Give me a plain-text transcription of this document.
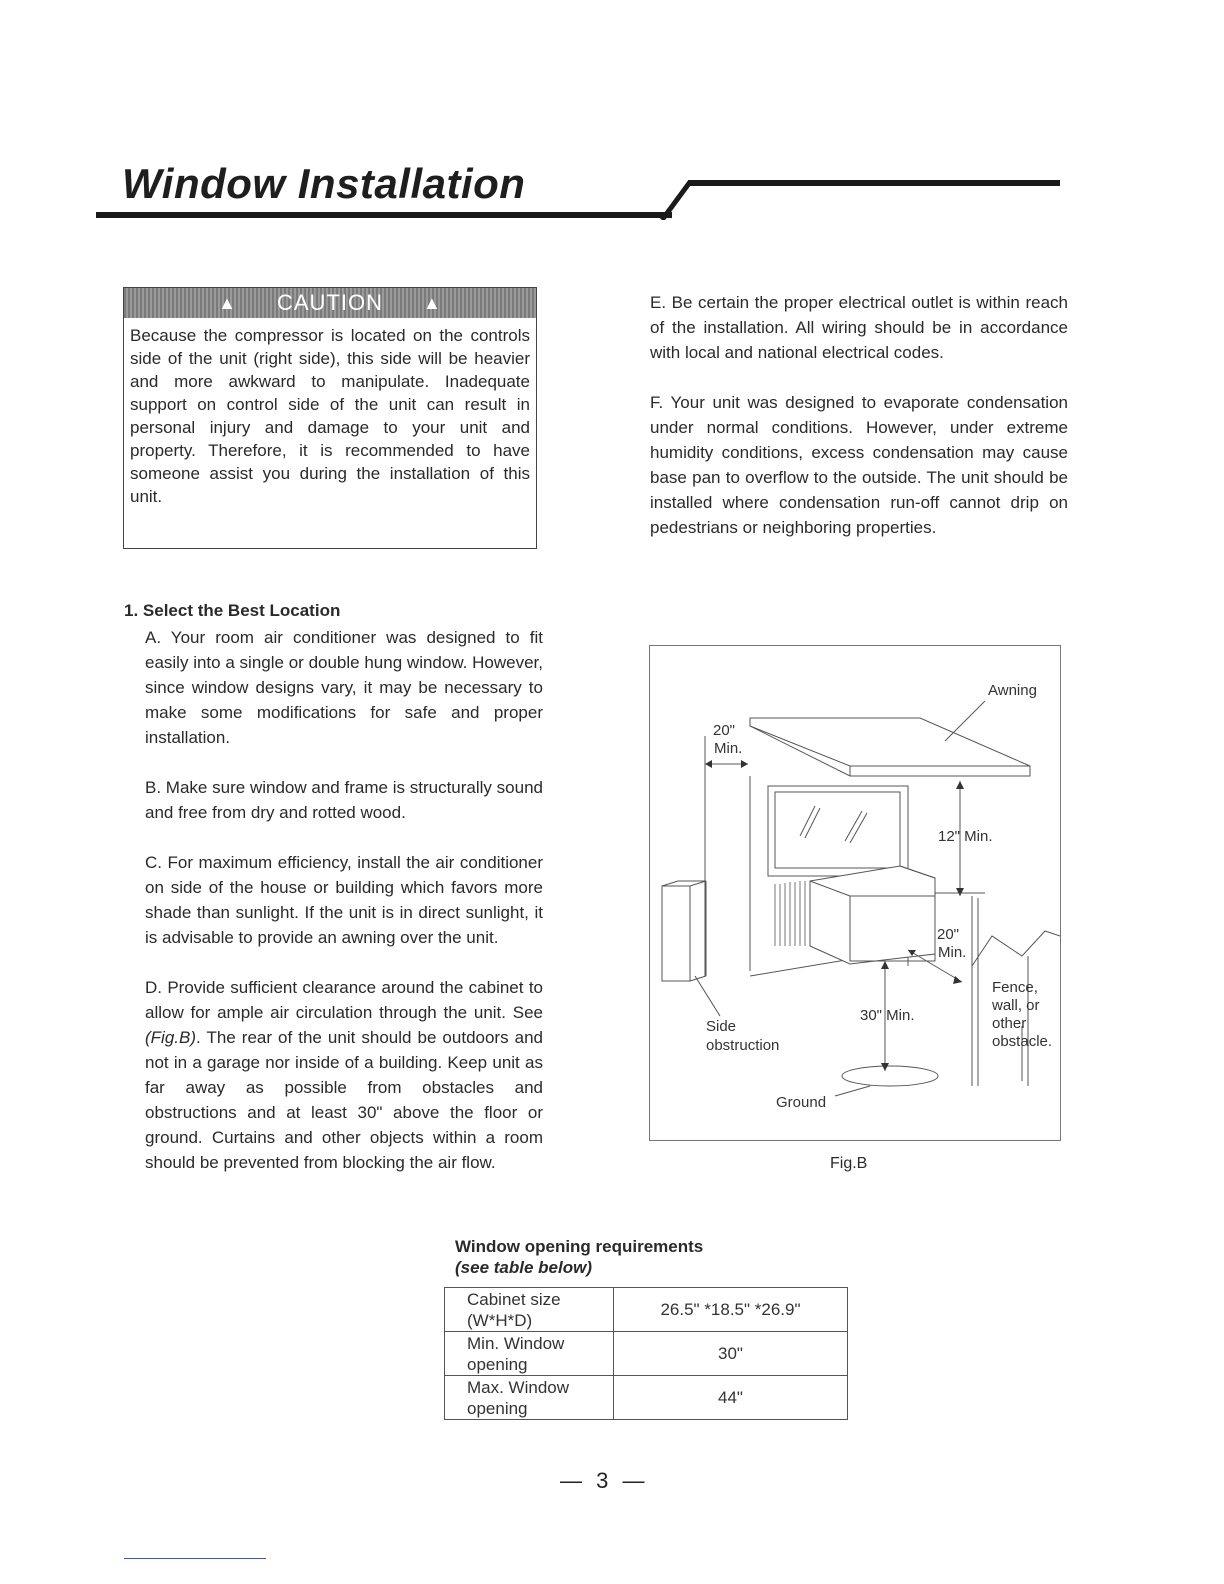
Window Installation
▲ CAUTION ▲
Because the compressor is located on the controls side of the unit (right side), this side will be heavier and more awkward to manipulate. Inadequate support on control side of the unit can result in personal injury and damage to your unit and property. Therefore, it is recommended to have someone assist you during the installation of this unit.
1. Select the Best Location

A. Your room air conditioner was designed to fit easily into a single or double hung window. However, since window designs vary, it may be necessary to make some modifications for safe and proper installation.

B. Make sure window and frame is structurally sound and free from dry and rotted wood.

C. For maximum efficiency, install the air conditioner on side of the house or building which favors more shade than sunlight. If the unit is in direct sunlight, it is advisable to provide an awning over the unit.

D. Provide sufficient clearance around the cabinet to allow for ample air circulation through the unit. See (Fig.B). The rear of the unit should be outdoors and not in a garage nor inside of a building. Keep unit as far away as possible from obstacles and obstructions and at least 30" above the floor or ground. Curtains and other objects within a room should be prevented from blocking the air flow.

E. Be certain the proper electrical outlet is within reach of the installation. All wiring should be in accordance with local and national electrical codes.

F. Your unit was designed to evaporate condensation under normal conditions. However, under extreme humidity conditions, excess condensation may cause base pan to overflow to the outside. The unit should be installed where condensation run-off cannot drip on pedestrians or neighboring properties.

Awning
20"
Min.
12" Min.
20"
Min.
30" Min.
Side
obstruction
Ground
Fence,
wall, or
other
obstacle.
Fig.B
Window opening requirements
(see table below)
Cabinet size
(W*H*D)	26.5" *18.5" *26.9"
Min. Window
opening	30"
Max. Window
opening	44"
— 3 —
